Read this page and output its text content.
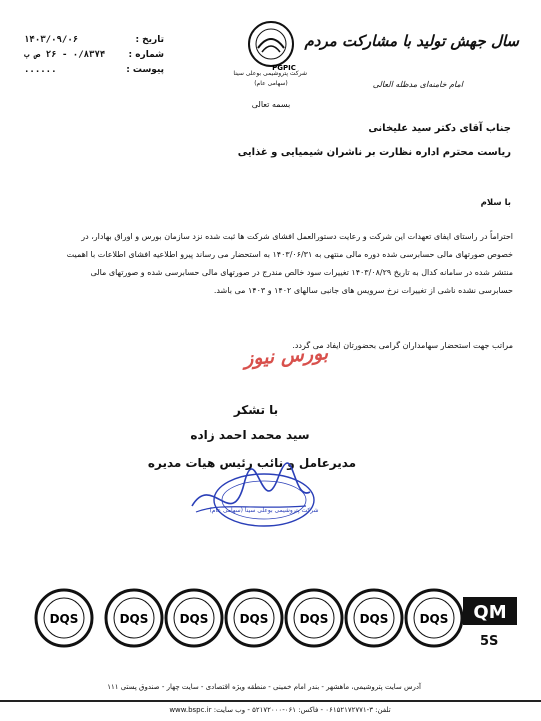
سال جهش تولید با مشارکت مردم
امام خامنه‌ای مدظله العالی
PGPIC
شرکت پتروشیمی بوعلی سینا
(سهامی عام)
بسمه تعالی
تاریخ :
۱۴۰۳/۰۹/۰۶
شماره :
۰/۸۳۷۴ - ۲۶ ص ب
پیوست :
......
جناب آقای دکتر سید علیخانی
ریاست محترم اداره نظارت بر ناشران شیمیایی و غذایی
با سلام
احتراماً در راستای ایفای تعهدات این شرکت و رعایت دستورالعمل افشای شرکت ها ثبت شده نزد سازمان بورس و اوراق بهادار، در
خصوص صورتهای مالی حسابرسی شده دوره مالی منتهی به ۱۴۰۳/۰۶/۳۱ به استحضار می رساند پیرو اطلاعیه افشای اطلاعات با اهمیت
منتشر شده در سامانه کدال به تاریخ ۱۴۰۳/۰۸/۲۹ تغییرات سود خالص مندرج در صورتهای مالی حسابرسی شده و صورتهای مالی
حسابرسی نشده ناشی از تغییرات نرخ سرویس های جانبی سالهای ۱۴۰۲ و ۱۴۰۳ می باشد.
مراتب جهت استحضار سهامداران گرامی بحضورتان ایفاد می گردد.
بورس نیوز
با تشکر
سید محمد احمد زاده
مدیرعامل و نائب رئیس هیات مدیره
شرکت پتروشیمی بوعلی سینا (سهامی عام)
DQS	DQS	DQS	DQS	DQS	DQS	DQS QM
5S
آدرس سایت پتروشیمی، ماهشهر - بندر امام خمینی - منطقه ویژه اقتصادی - سایت چهار - صندوق پستی ۱۱۱
تلفن: ۳-۰۶۱۵۲۱۷۲۷۷۱ - فاکس: ۰۶۱-۵۲۱۷۲۰۰۰ - وب سایت: www.bspc.ir
